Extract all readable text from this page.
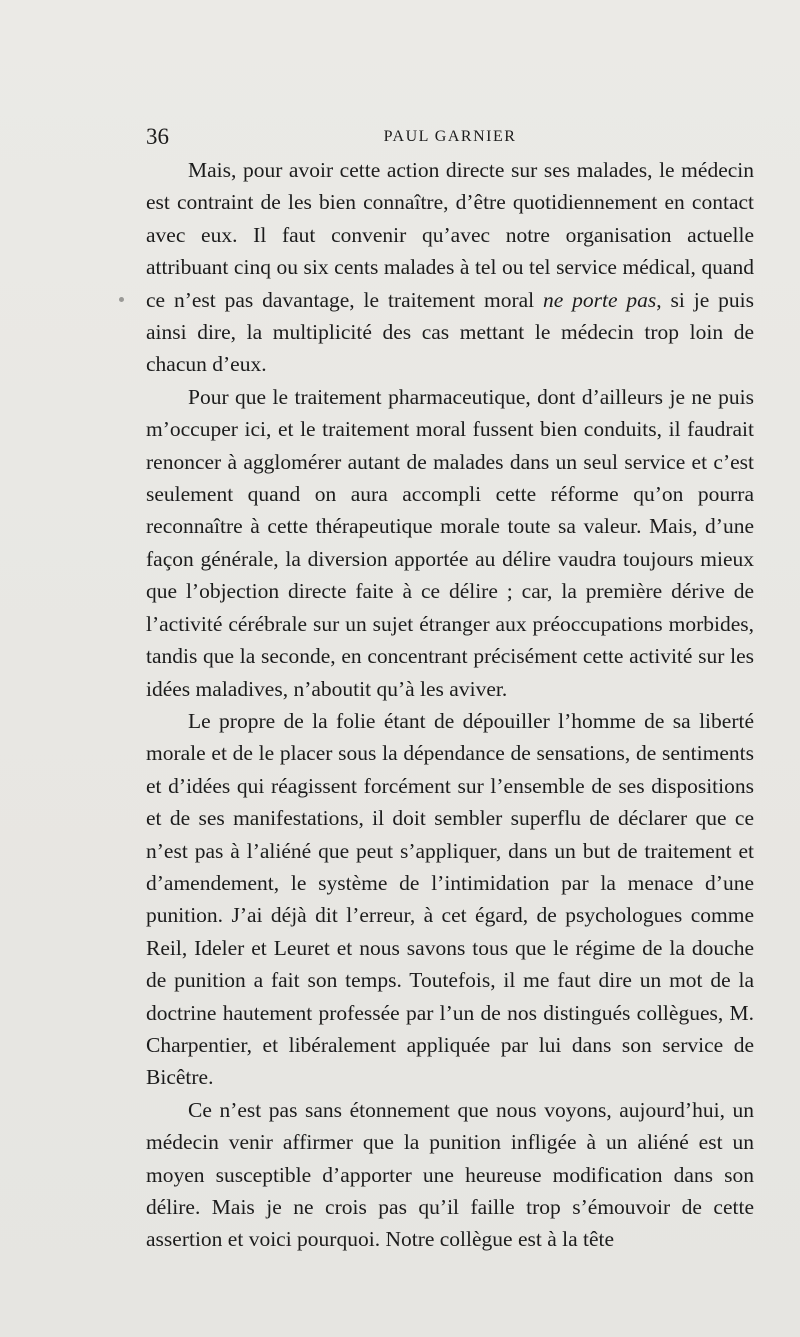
36	PAUL GARNIER

Mais, pour avoir cette action directe sur ses malades, le médecin est contraint de les bien connaître, d’être quotidiennement en contact avec eux. Il faut convenir qu’avec notre organisation actuelle attribuant cinq ou six cents malades à tel ou tel service médical, quand ce n’est pas davantage, le traitement moral ne porte pas, si je puis ainsi dire, la multiplicité des cas mettant le médecin trop loin de chacun d’eux.

Pour que le traitement pharmaceutique, dont d’ailleurs je ne puis m’occuper ici, et le traitement moral fussent bien conduits, il faudrait renoncer à agglomérer autant de malades dans un seul service et c’est seulement quand on aura accompli cette réforme qu’on pourra reconnaître à cette thérapeutique morale toute sa valeur. Mais, d’une façon générale, la diversion apportée au délire vaudra toujours mieux que l’objection directe faite à ce délire ; car, la première dérive de l’activité cérébrale sur un sujet étranger aux préoccupations morbides, tandis que la seconde, en concentrant précisément cette activité sur les idées maladives, n’aboutit qu’à les aviver.

Le propre de la folie étant de dépouiller l’homme de sa liberté morale et de le placer sous la dépendance de sensations, de sentiments et d’idées qui réagissent forcément sur l’ensemble de ses dispositions et de ses manifestations, il doit sembler superflu de déclarer que ce n’est pas à l’aliéné que peut s’appliquer, dans un but de traitement et d’amendement, le système de l’intimidation par la menace d’une punition. J’ai déjà dit l’erreur, à cet égard, de psychologues comme Reil, Ideler et Leuret et nous savons tous que le régime de la douche de punition a fait son temps. Toutefois, il me faut dire un mot de la doctrine hautement professée par l’un de nos distingués collègues, M. Charpentier, et libéralement appliquée par lui dans son service de Bicêtre.

Ce n’est pas sans étonnement que nous voyons, aujourd’hui, un médecin venir affirmer que la punition infligée à un aliéné est un moyen susceptible d’apporter une heureuse modification dans son délire. Mais je ne crois pas qu’il faille trop s’émouvoir de cette assertion et voici pourquoi. Notre collègue est à la tête
